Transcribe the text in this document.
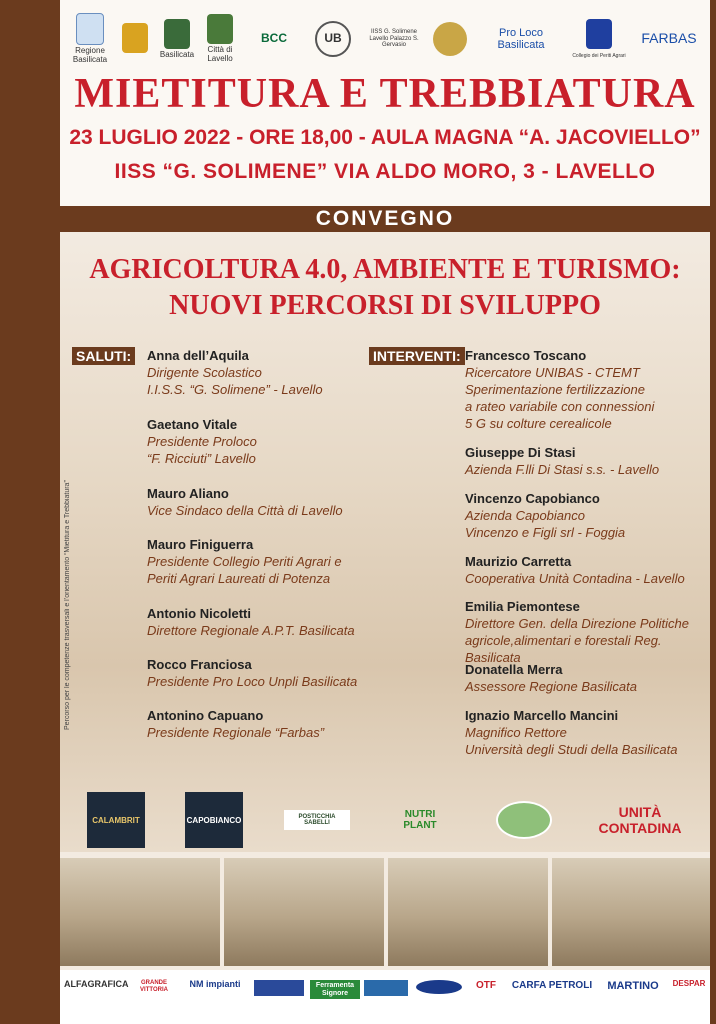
Regione Basilicata
Basilicata	Città di Lavello
BCC	UB	IISS G. Solimene Lavello Palazzo S. Gervasio
Pro Loco Basilicata
Collegio dei Periti Agrari
FARBAS
MIETITURA E TREBBIATURA
23 LUGLIO 2022 - ORE 18,00 - AULA MAGNA “A. JACOVIELLO”
IISS “G. SOLIMENE” VIA ALDO MORO, 3 - LAVELLO
CONVEGNO
AGRICOLTURA 4.0, AMBIENTE E TURISMO:
NUOVI PERCORSI DI SVILUPPO
SALUTI:	INTERVENTI:
Percorso per le competenze trasversali e l’orientamento “Mietitura e Trebbiatura”
Anna dell’Aquila
Dirigente Scolastico
I.I.S.S. “G. Solimene” - Lavello
Gaetano Vitale
Presidente Proloco
“F. Ricciuti” Lavello
Mauro Aliano
Vice Sindaco della Città di Lavello
Mauro Finiguerra
Presidente Collegio Periti Agrari e
Periti Agrari Laureati di Potenza
Antonio Nicoletti
Direttore Regionale A.P.T. Basilicata
Rocco Franciosa
Presidente Pro Loco Unpli Basilicata
Antonino Capuano
Presidente Regionale “Farbas”
Francesco Toscano
Ricercatore UNIBAS - CTEMT
Sperimentazione fertilizzazione
a rateo variabile con connessioni
5 G su colture cerealicole
Giuseppe Di Stasi
Azienda F.lli Di Stasi s.s. - Lavello
Vincenzo Capobianco
Azienda Capobianco
Vincenzo e Figli srl - Foggia
Maurizio Carretta
Cooperativa Unità Contadina - Lavello
Emilia Piemontese
Direttore Gen. della Direzione Politiche
agricole,alimentari e forestali Reg. Basilicata
Donatella Merra
Assessore Regione Basilicata
Ignazio Marcello Mancini
Magnifico Rettore
Università degli Studi della Basilicata
CALAMBRIT	CAPOBIANCO	POSTICCHIA SABELLI
NUTRI PLANT
UNITÀ CONTADINA
ALFAGRAFICA	GRANDE VITTORIA
NM impianti	Ferramenta Signore
OTF	CARFA PETROLI	MARTINO	DESPAR
